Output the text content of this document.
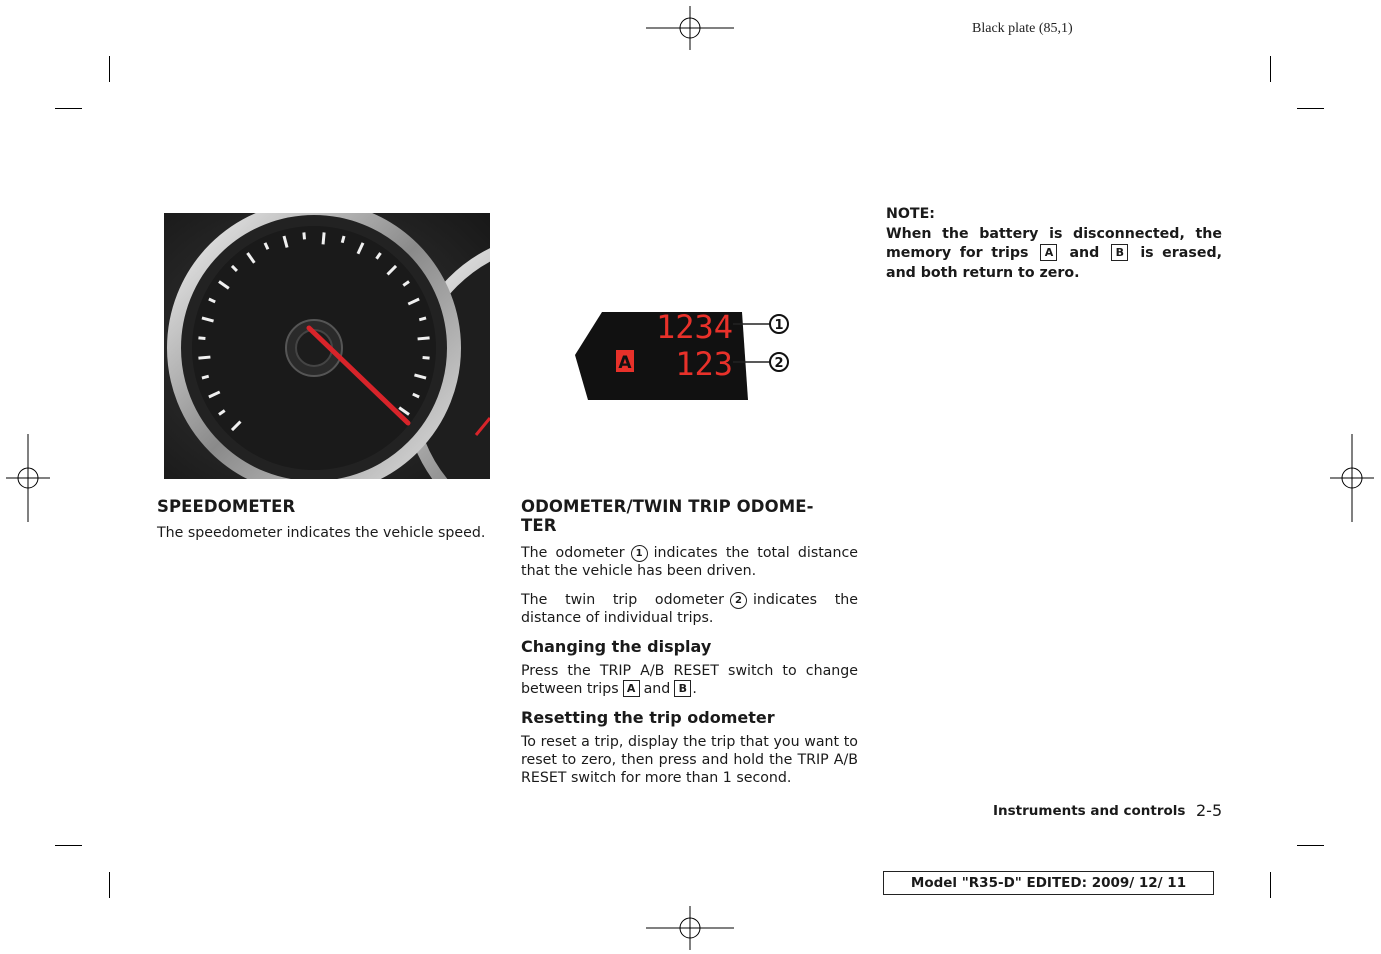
Black plate (85,1)
1234
123
A
1
2
SPEEDOMETER

The speedometer indicates the vehicle speed.

ODOMETER/TWIN TRIP ODOME-
TER

The odometer 1 indicates the total distance that the vehicle has been driven.

The twin trip odometer 2 indicates the distance of individual trips.

Changing the display

Press the TRIP A/B RESET switch to change between trips A and B .

Resetting the trip odometer

To reset a trip, display the trip that you want to reset to zero, then press and hold the TRIP A/B RESET switch for more than 1 second.

NOTE:
When the battery is disconnected, the memory for trips A and B is erased, and both return to zero.
Instruments and controls 2-5
Model "R35-D" EDITED: 2009/ 12/ 11
